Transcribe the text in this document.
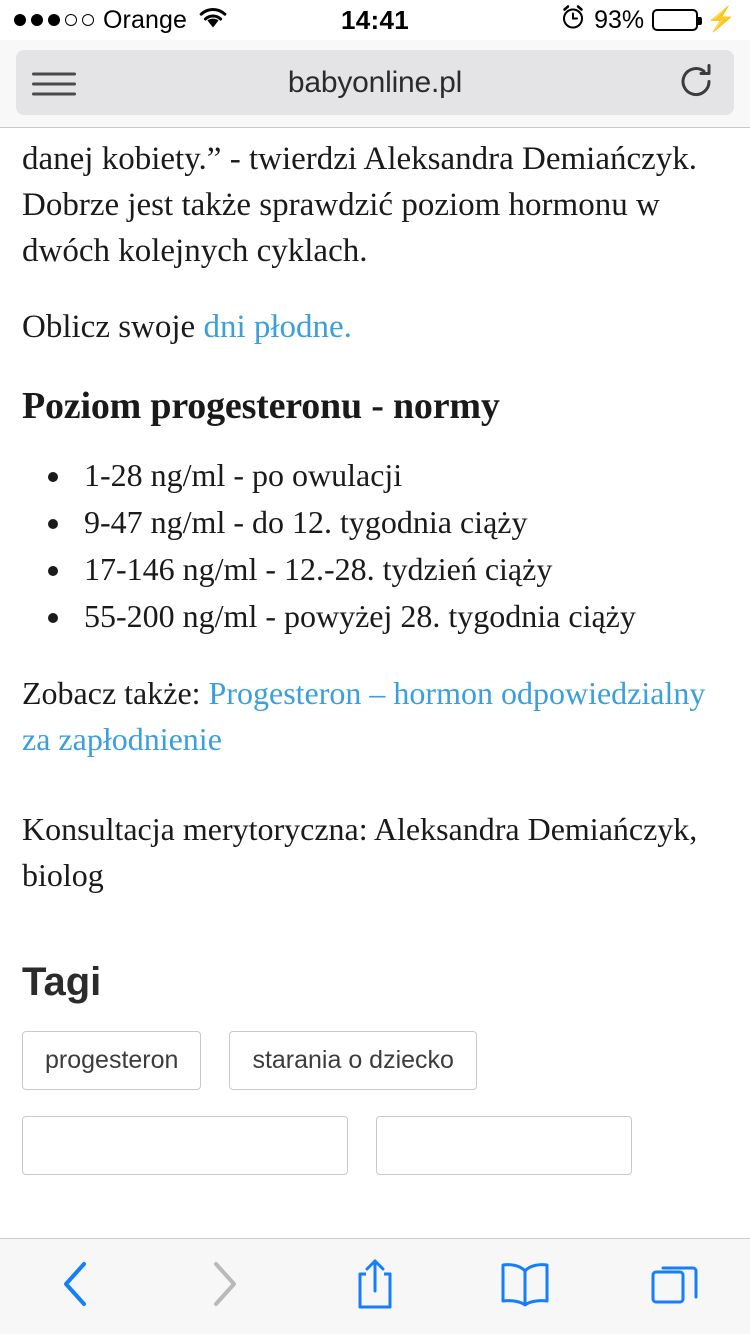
Orange	14:41	93%	⚡
babyonline.pl

danej kobiety.” - twierdzi Aleksandra Demiańczyk. Dobrze jest także sprawdzić poziom hormonu w dwóch kolejnych cyklach.

Oblicz swoje dni płodne.

Poziom progesteronu - normy
• 1-28 ng/ml - po owulacji
• 9-47 ng/ml - do 12. tygodnia ciąży
• 17-146 ng/ml - 12.-28. tydzień ciąży
• 55-200 ng/ml - powyżej 28. tygodnia ciąży

Zobacz także: Progesteron – hormon odpowiedzialny za zapłodnienie

Konsultacja merytoryczna: Aleksandra Demiańczyk, biolog

Tagi
progesteron	starania o dziecko
